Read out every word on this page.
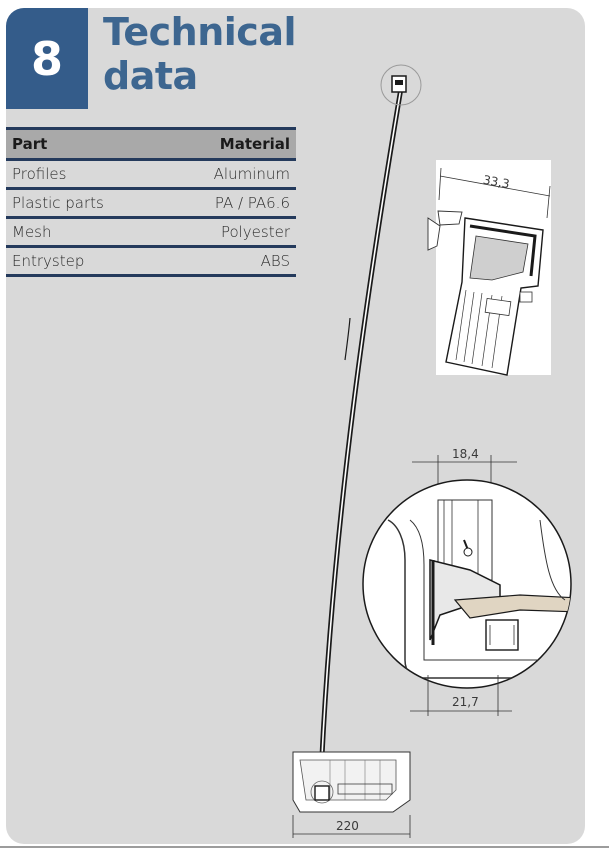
8 Technical
data
Part	Material
Profiles	Aluminum
Plastic parts	PA / PA6.6
Mesh	Polyester
Entrystep	ABS
33,3
18,4
21,7
220
